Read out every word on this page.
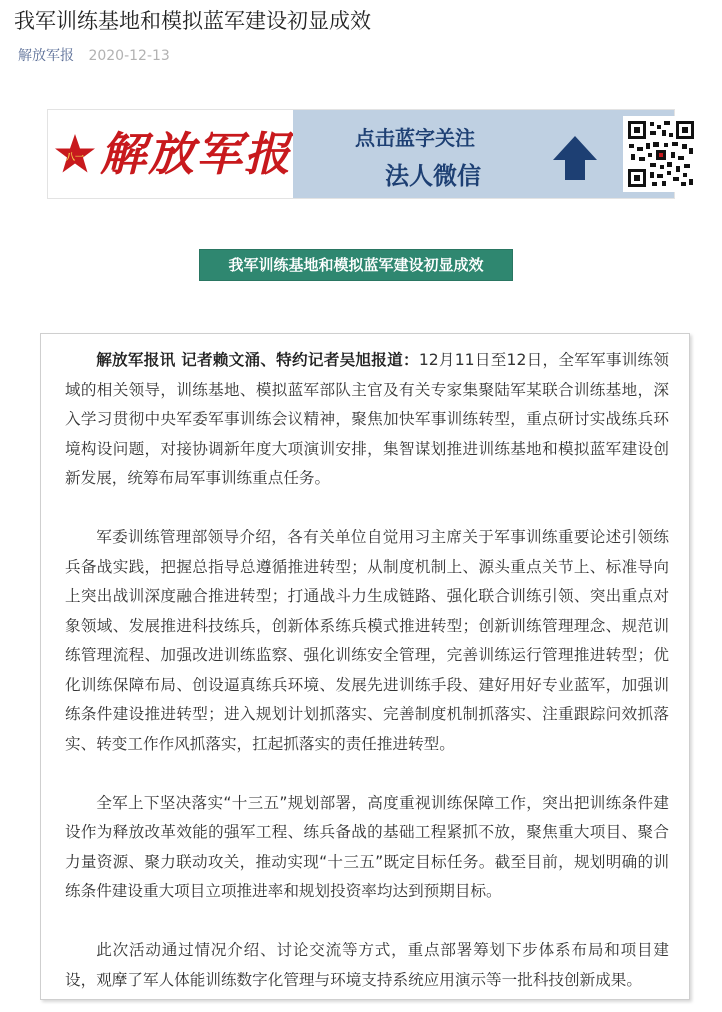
我军训练基地和模拟蓝军建设初显成效
解放军报 2020-12-13
八一 解放军报	点击蓝字关注
法人微信
我军训练基地和模拟蓝军建设初显成效

解放军报讯 记者赖文涌、特约记者吴旭报道：12月11日至12日，全军军事训练领域的相关领导，训练基地、模拟蓝军部队主官及有关专家集聚陆军某联合训练基地，深入学习贯彻中央军委军事训练会议精神，聚焦加快军事训练转型，重点研讨实战练兵环境构设问题，对接协调新年度大项演训安排，集智谋划推进训练基地和模拟蓝军建设创新发展，统筹布局军事训练重点任务。

军委训练管理部领导介绍，各有关单位自觉用习主席关于军事训练重要论述引领练兵备战实践，把握总指导总遵循推进转型；从制度机制上、源头重点关节上、标准导向上突出战训深度融合推进转型；打通战斗力生成链路、强化联合训练引领、突出重点对象领域、发展推进科技练兵，创新体系练兵模式推进转型；创新训练管理理念、规范训练管理流程、加强改进训练监察、强化训练安全管理，完善训练运行管理推进转型；优化训练保障布局、创设逼真练兵环境、发展先进训练手段、建好用好专业蓝军，加强训练条件建设推进转型；进入规划计划抓落实、完善制度机制抓落实、注重跟踪问效抓落实、转变工作作风抓落实，扛起抓落实的责任推进转型。

全军上下坚决落实“十三五”规划部署，高度重视训练保障工作，突出把训练条件建设作为释放改革效能的强军工程、练兵备战的基础工程紧抓不放，聚焦重大项目、聚合力量资源、聚力联动攻关，推动实现“十三五”既定目标任务。截至目前，规划明确的训练条件建设重大项目立项推进率和规划投资率均达到预期目标。

此次活动通过情况介绍、讨论交流等方式，重点部署筹划下步体系布局和项目建设，观摩了军人体能训练数字化管理与环境支持系统应用演示等一批科技创新成果。
